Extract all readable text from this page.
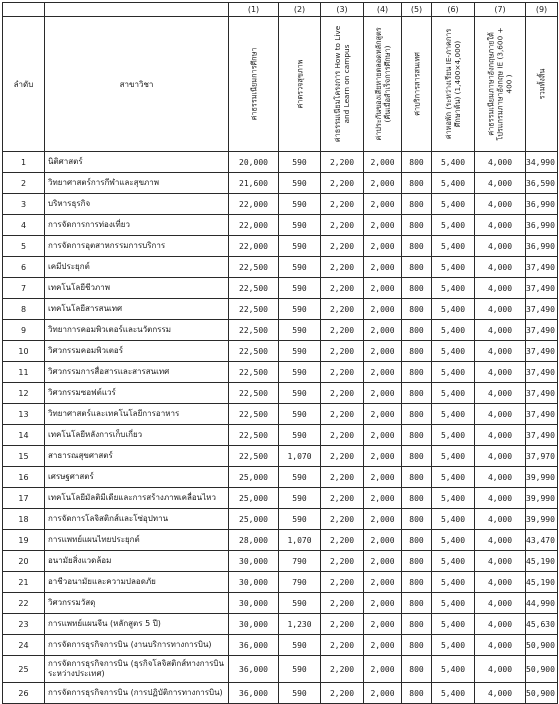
		(1)	(2)	(3)	(4)	(5)	(6)	(7)	(9)
ลำดับ	สาขาวิชา	ค่าธรรมเนียมการศึกษา	ค่าตรวจสุขภาพ	ค่าธรรมเนียมโครงการ How to Live and Learn on campus	ค่าประกันของเสียหายตลอดหลักสูตร (คืนเมื่อสำเร็จการศึกษา)	ค่าบริการสารสนเทศ	ค่าหอพัก (ระหว่างเรียน IE-ภาคการศึกษาต้น) (1,400×4,000)	ค่าธรรมเนียมภาษาอังกฤษภายใต้โปรแกรมภาษาอังกฤษ IE (3,600 + 400 )	รวมทั้งสิ้น

1	นิติศาสตร์	20,000	590	2,200	2,000	800	5,400	4,000	34,990
2	วิทยาศาสตร์การกีฬาและสุขภาพ	21,600	590	2,200	2,000	800	5,400	4,000	36,590
3	บริหารธุรกิจ	22,000	590	2,200	2,000	800	5,400	4,000	36,990
4	การจัดการการท่องเที่ยว	22,000	590	2,200	2,000	800	5,400	4,000	36,990
5	การจัดการอุตสาหกรรมการบริการ	22,000	590	2,200	2,000	800	5,400	4,000	36,990
6	เคมีประยุกต์	22,500	590	2,200	2,000	800	5,400	4,000	37,490
7	เทคโนโลยีชีวภาพ	22,500	590	2,200	2,000	800	5,400	4,000	37,490
8	เทคโนโลยีสารสนเทศ	22,500	590	2,200	2,000	800	5,400	4,000	37,490
9	วิทยาการคอมพิวเตอร์และนวัตกรรม	22,500	590	2,200	2,000	800	5,400	4,000	37,490
10	วิศวกรรมคอมพิวเตอร์	22,500	590	2,200	2,000	800	5,400	4,000	37,490
11	วิศวกรรมการสื่อสารและสารสนเทศ	22,500	590	2,200	2,000	800	5,400	4,000	37,490
12	วิศวกรรมซอฟต์แวร์	22,500	590	2,200	2,000	800	5,400	4,000	37,490
13	วิทยาศาสตร์และเทคโนโลยีการอาหาร	22,500	590	2,200	2,000	800	5,400	4,000	37,490
14	เทคโนโลยีหลังการเก็บเกี่ยว	22,500	590	2,200	2,000	800	5,400	4,000	37,490
15	สาธารณสุขศาสตร์	22,500	1,070	2,200	2,000	800	5,400	4,000	37,970
16	เศรษฐศาสตร์	25,000	590	2,200	2,000	800	5,400	4,000	39,990
17	เทคโนโลยีมัลติมีเดียและการสร้างภาพเคลื่อนไหว	25,000	590	2,200	2,000	800	5,400	4,000	39,990
18	การจัดการโลจิสติกส์และโซ่อุปทาน	25,000	590	2,200	2,000	800	5,400	4,000	39,990
19	การแพทย์แผนไทยประยุกต์	28,000	1,070	2,200	2,000	800	5,400	4,000	43,470
20	อนามัยสิ่งแวดล้อม	30,000	790	2,200	2,000	800	5,400	4,000	45,190
21	อาชีวอนามัยและความปลอดภัย	30,000	790	2,200	2,000	800	5,400	4,000	45,190
22	วิศวกรรมวัสดุ	30,000	590	2,200	2,000	800	5,400	4,000	44,990
23	การแพทย์แผนจีน (หลักสูตร 5 ปี)	30,000	1,230	2,200	2,000	800	5,400	4,000	45,630
24	การจัดการธุรกิจการบิน (งานบริการทางการบิน)	36,000	590	2,200	2,000	800	5,400	4,000	50,900
25	การจัดการธุรกิจการบิน (ธุรกิจโลจิสติกส์ทางการบินระหว่างประเทศ)	36,000	590	2,200	2,000	800	5,400	4,000	50,900
26	การจัดการธุรกิจการบิน (การปฏิบัติการทางการบิน)	36,000	590	2,200	2,000	800	5,400	4,000	50,900
